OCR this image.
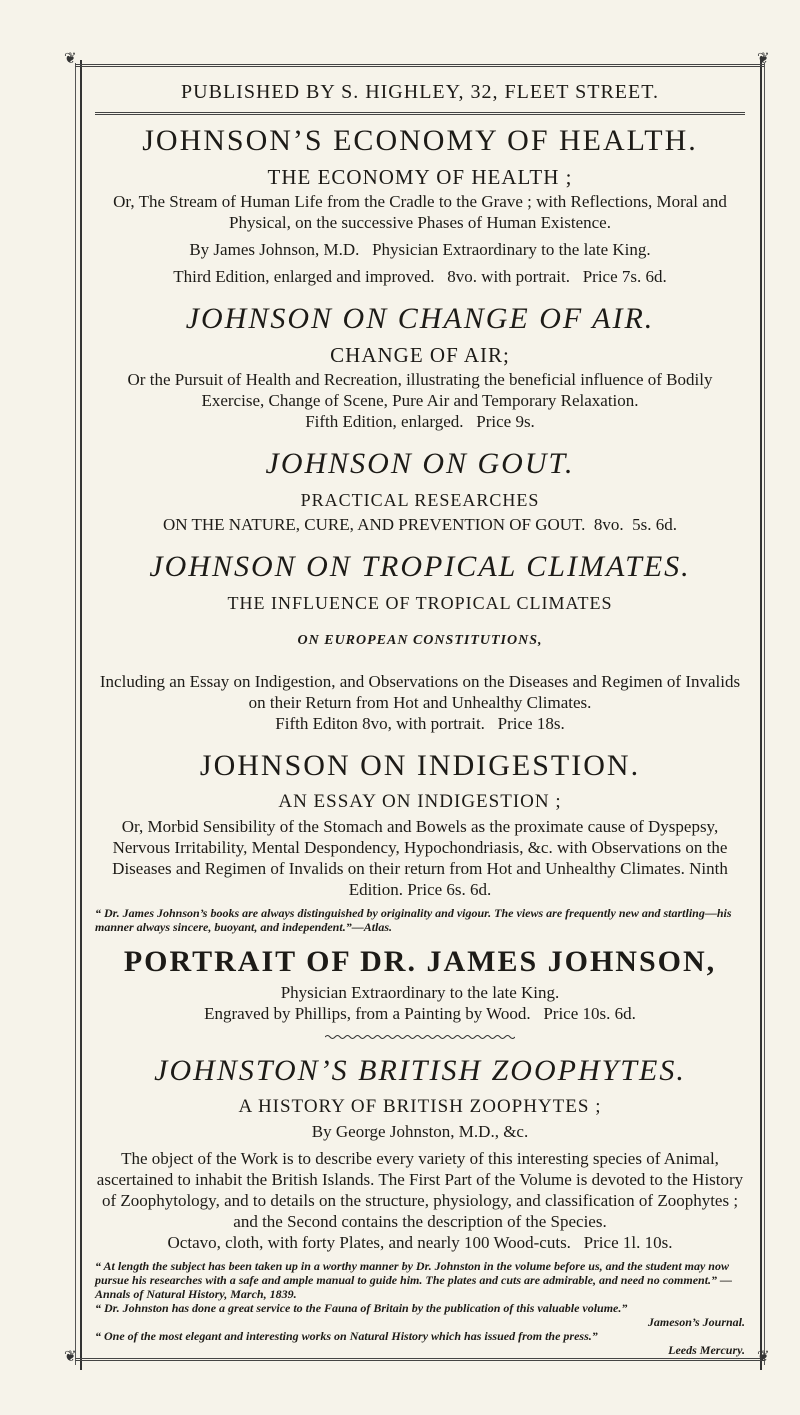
❦	❦
❦	❦

PUBLISHED BY S. HIGHLEY, 32, FLEET STREET.

JOHNSON’S ECONOMY OF HEALTH.

THE ECONOMY OF HEALTH ;

Or, The Stream of Human Life from the Cradle to the Grave ; with Reflections, Moral and Physical, on the successive Phases of Human Existence.

By James Johnson, M.D.   Physician Extraordinary to the late King.

Third Edition, enlarged and improved.   8vo. with portrait.   Price 7s. 6d.

JOHNSON ON CHANGE OF AIR.

CHANGE OF AIR;

Or the Pursuit of Health and Recreation, illustrating the beneficial influence of Bodily Exercise, Change of Scene, Pure Air and Temporary Relaxation.

Fifth Edition, enlarged.   Price 9s.

JOHNSON ON GOUT.

PRACTICAL RESEARCHES

ON THE NATURE, CURE, AND PREVENTION OF GOUT.  8vo.  5s. 6d.

JOHNSON ON TROPICAL CLIMATES.

THE INFLUENCE OF TROPICAL CLIMATES

ON EUROPEAN CONSTITUTIONS,

Including an Essay on Indigestion, and Observations on the Diseases and Regimen of Invalids on their Return from Hot and Unhealthy Climates.

Fifth Editon 8vo, with portrait.   Price 18s.

JOHNSON ON INDIGESTION.

AN ESSAY ON INDIGESTION ;

Or, Morbid Sensibility of the Stomach and Bowels as the proximate cause of Dyspepsy, Nervous Irritability, Mental Despondency, Hypochondriasis, &c. with Observations on the Diseases and Regimen of Invalids on their return from Hot and Unhealthy Climates. Ninth Edition. Price 6s. 6d.

“ Dr. James Johnson’s books are always distinguished by originality and vigour. The views are frequently new and startling—his manner always sincere, buoyant, and independent.”—Atlas.

PORTRAIT OF DR. JAMES JOHNSON,

Physician Extraordinary to the late King.

Engraved by Phillips, from a Painting by Wood.   Price 10s. 6d.

JOHNSTON’S BRITISH ZOOPHYTES.

A HISTORY OF BRITISH ZOOPHYTES ;

By George Johnston, M.D., &c.

The object of the Work is to describe every variety of this interesting species of Animal, ascertained to inhabit the British Islands. The First Part of the Volume is devoted to the History of Zoophytology, and to details on the structure, physiology, and classification of Zoophytes ; and the Second contains the description of the Species.

Octavo, cloth, with forty Plates, and nearly 100 Wood-cuts.   Price 1l. 10s.

“ At length the subject has been taken up in a worthy manner by Dr. Johnston in the volume before us, and the student may now pursue his researches with a safe and ample manual to guide him. The plates and cuts are admirable, and need no comment.” — Annals of Natural History, March, 1839.

“ Dr. Johnston has done a great service to the Fauna of Britain by the publication of this valuable volume.”

Jameson’s Journal.

“ One of the most elegant and interesting works on Natural History which has issued from the press.”

Leeds Mercury.
